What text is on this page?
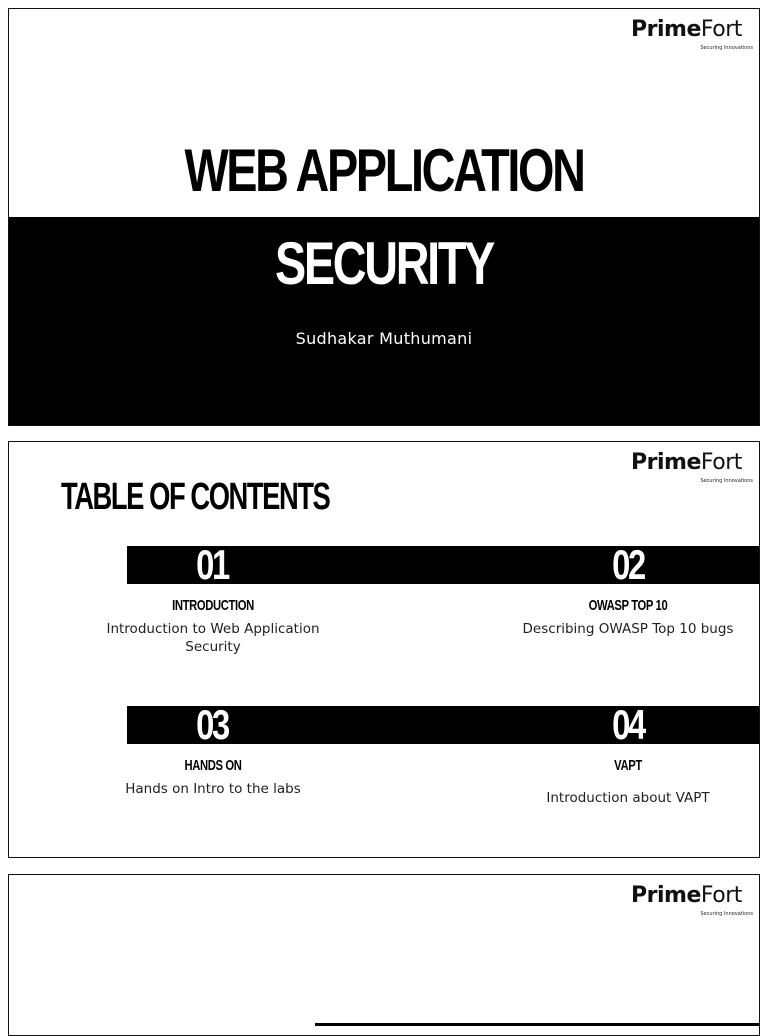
PrimeFort
Securing Innovations
WEB APPLICATION
SECURITY
Sudhakar Muthumani
PrimeFort
Securing Innovations
TABLE OF CONTENTS
01
INTRODUCTION
Introduction to Web Application Security
02
OWASP TOP 10
Describing OWASP Top 10 bugs
03
HANDS ON
Hands on Intro to the labs
04
VAPT
Introduction about VAPT
PrimeFort
Securing Innovations
